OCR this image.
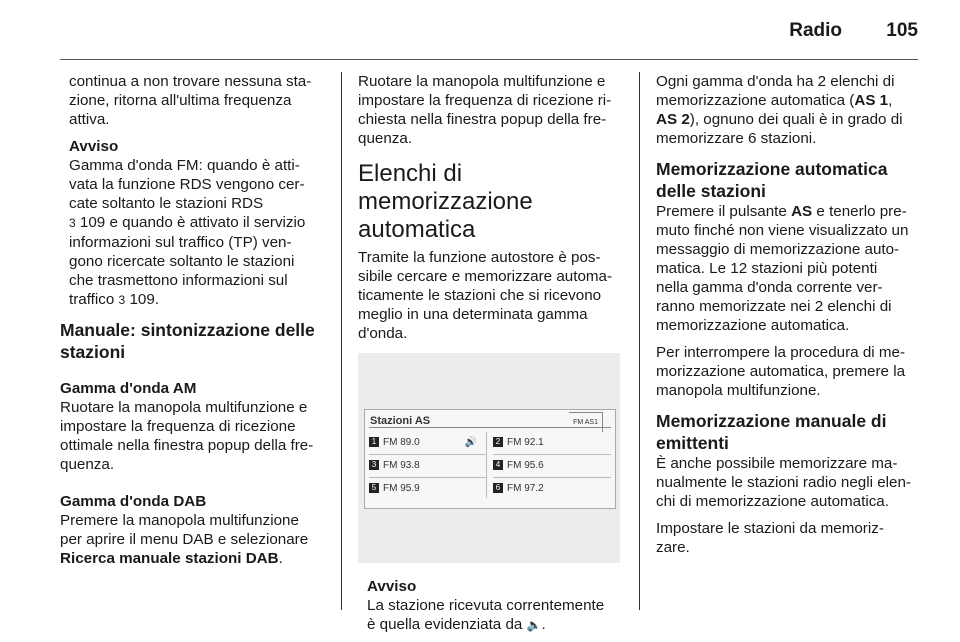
Radio 105

continua a non trovare nessuna sta-

zione, ritorna all'ultima frequenza

attiva.

Avviso

Gamma d'onda FM: quando è atti-

vata la funzione RDS vengono cer-

cate soltanto le stazioni RDS

3 109 e quando è attivato il servizio

informazioni sul traffico (TP) ven-

gono ricercate soltanto le stazioni

che trasmettono informazioni sul

traffico 3 109.

Manuale: sintonizzazione delle
stazioni

Gamma d'onda AM

Ruotare la manopola multifunzione e

impostare la frequenza di ricezione

ottimale nella finestra popup della fre-

quenza.

Gamma d'onda DAB

Premere la manopola multifunzione

per aprire il menu DAB e selezionare

Ricerca manuale stazioni DAB.

Ruotare la manopola multifunzione e

impostare la frequenza di ricezione ri-

chiesta nella finestra popup della fre-

quenza.

Elenchi di memorizzazione
automatica

Tramite la funzione autostore è pos-

sibile cercare e memorizzare automa-

ticamente le stazioni che si ricevono

meglio in una determinata gamma

d'onda.

Stazioni AS	FM AS1
1 FM 89.0	🔊	2 FM 92.1
3 FM 93.8	4 FM 95.6
5 FM 95.9	6 FM 97.2

Avviso

La stazione ricevuta correntemente

è quella evidenziata da 🔈.

Ogni gamma d'onda ha 2 elenchi di

memorizzazione automatica (AS 1,

AS 2), ognuno dei quali è in grado di

memorizzare 6 stazioni.

Memorizzazione automatica
delle stazioni

Premere il pulsante AS e tenerlo pre-

muto finché non viene visualizzato un

messaggio di memorizzazione auto-

matica. Le 12 stazioni più potenti

nella gamma d'onda corrente ver-

ranno memorizzate nei 2 elenchi di

memorizzazione automatica.

Per interrompere la procedura di me-

morizzazione automatica, premere la

manopola multifunzione.

Memorizzazione manuale di
emittenti

È anche possibile memorizzare ma-

nualmente le stazioni radio negli elen-

chi di memorizzazione automatica.

Impostare le stazioni da memoriz-

zare.
